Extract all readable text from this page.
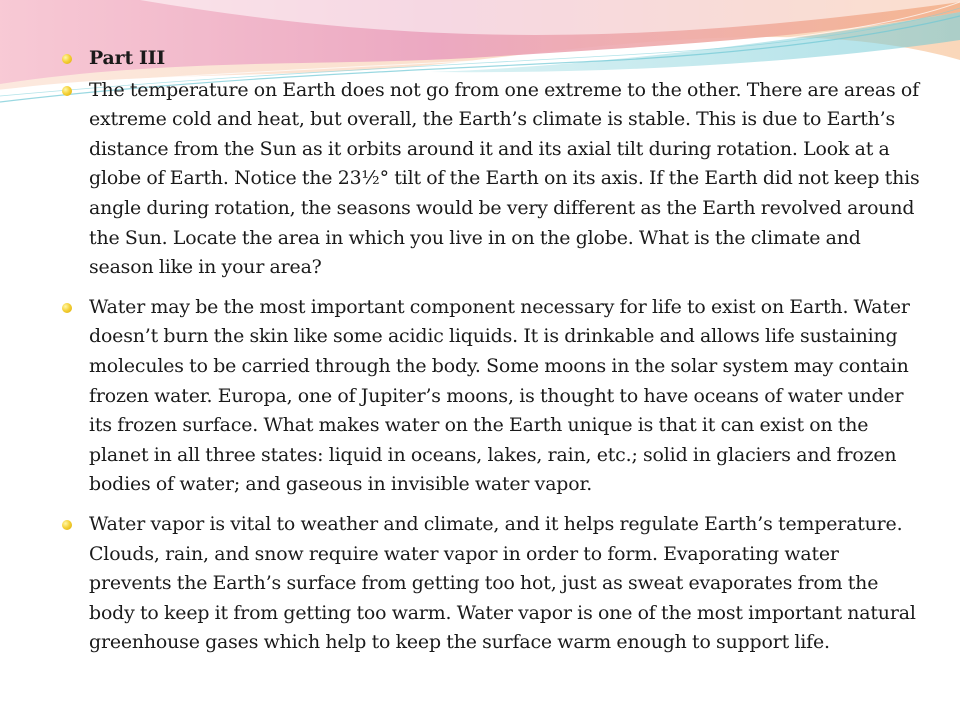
Part III
The temperature on Earth does not go from one extreme to the other. There are areas of extreme cold and heat, but overall, the Earth’s climate is stable. This is due to Earth’s distance from the Sun as it orbits around it and its axial tilt during rotation. Look at a globe of Earth. Notice the 23½° tilt of the Earth on its axis. If the Earth did not keep this angle during rotation, the seasons would be very different as the Earth revolved around the Sun. Locate the area in which you live in on the globe. What is the climate and season like in your area?
Water may be the most important component necessary for life to exist on Earth. Water doesn’t burn the skin like some acidic liquids. It is drinkable and allows life sustaining molecules to be carried through the body. Some moons in the solar system may contain frozen water. Europa, one of Jupiter’s moons, is thought to have oceans of water under its frozen surface. What makes water on the Earth unique is that it can exist on the planet in all three states: liquid in oceans, lakes, rain, etc.; solid in glaciers and frozen bodies of water; and gaseous in invisible water vapor.
Water vapor is vital to weather and climate, and it helps regulate Earth’s temperature. Clouds, rain, and snow require water vapor in order to form. Evaporating water prevents the Earth’s surface from getting too hot, just as sweat evaporates from the body to keep it from getting too warm. Water vapor is one of the most important natural greenhouse gases which help to keep the surface warm enough to support life.
